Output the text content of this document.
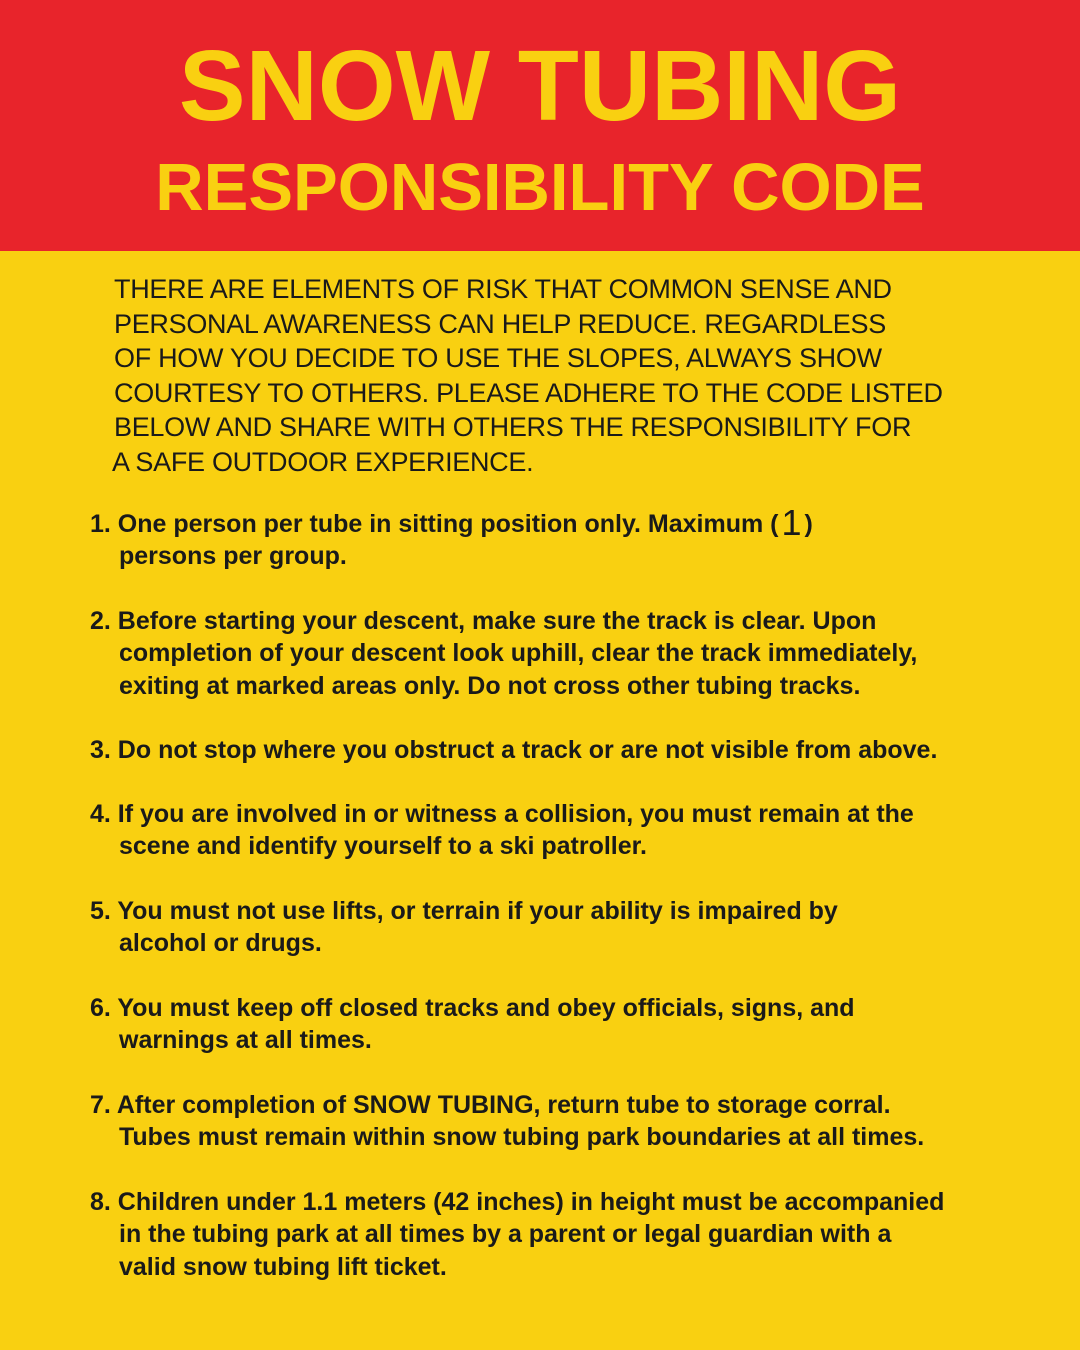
SNOW TUBING
RESPONSIBILITY CODE
THERE ARE ELEMENTS OF RISK THAT COMMON SENSE AND
PERSONAL AWARENESS CAN HELP REDUCE. REGARDLESS
OF HOW YOU DECIDE TO USE THE SLOPES, ALWAYS SHOW
COURTESY TO OTHERS. PLEASE ADHERE TO THE CODE LISTED
BELOW AND SHARE WITH OTHERS THE RESPONSIBILITY FOR
A SAFE OUTDOOR EXPERIENCE.
1. One person per tube in sitting position only. Maximum (1 )
persons per group.
2. Before starting your descent, make sure the track is clear. Upon
completion of your descent look uphill, clear the track immediately,
exiting at marked areas only. Do not cross other tubing tracks.
3. Do not stop where you obstruct a track or are not visible from above.
4. If you are involved in or witness a collision, you must remain at the
scene and identify yourself to a ski patroller.
5. You must not use lifts, or terrain if your ability is impaired by
alcohol or drugs.
6. You must keep off closed tracks and obey officials, signs, and
warnings at all times.
7. After completion of SNOW TUBING, return tube to storage corral.
Tubes must remain within snow tubing park boundaries at all times.
8. Children under 1.1 meters (42 inches) in height must be accompanied
in the tubing park at all times by a parent or legal guardian with a
valid snow tubing lift ticket.
